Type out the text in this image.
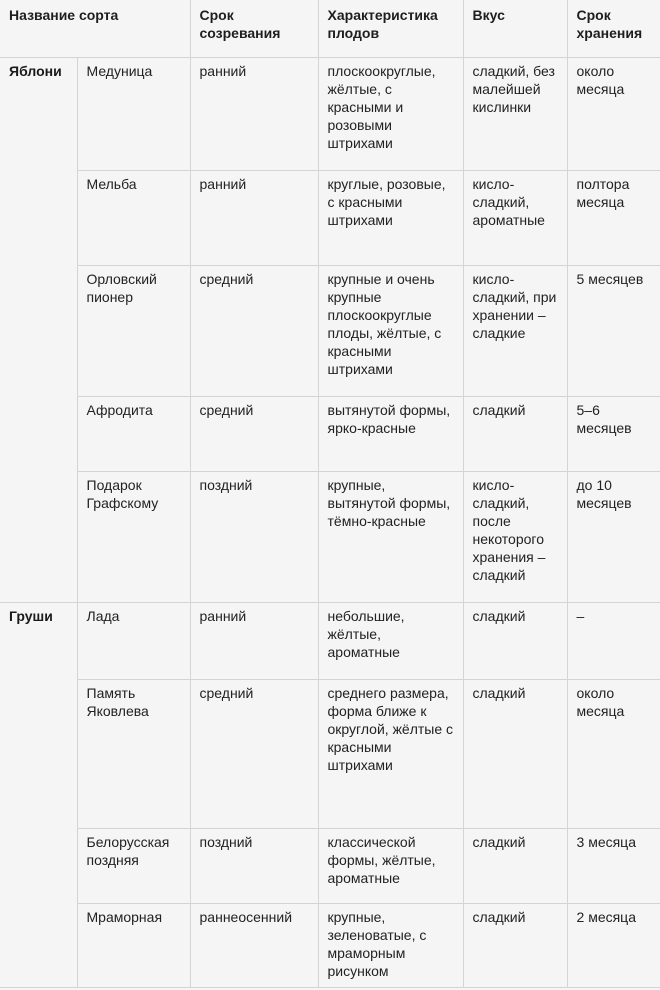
Название сорта		Срок созревания	Характеристика плодов	Вкус	Срок хранения
Яблони	Медуница	ранний	плоскоокруглые, жёлтые, с красными и розовыми штрихами	сладкий, без малейшей кислинки	около месяца
	Мельба	ранний	круглые, розовые, с красными штрихами	кисло-сладкий, ароматные	полтора месяца
	Орловский пионер	средний	крупные и очень крупные плоскоокруглые плоды, жёлтые, с красными штрихами	кисло-сладкий, при хранении – сладкие	5 месяцев
	Афродита	средний	вытянутой формы, ярко-красные	сладкий	5–6 месяцев
	Подарок Графскому	поздний	крупные, вытянутой формы, тёмно-красные	кисло-сладкий, после некоторого хранения – сладкий	до 10 месяцев
Груши	Лада	ранний	небольшие, жёлтые, ароматные	сладкий	–
	Память Яковлева	средний	среднего размера, форма ближе к округлой, жёлтые с красными штрихами	сладкий	около месяца
	Белорусская поздняя	поздний	классической формы, жёлтые, ароматные	сладкий	3 месяца
	Мраморная	раннеосенний	крупные, зеленоватые, с мраморным рисунком	сладкий	2 месяца
